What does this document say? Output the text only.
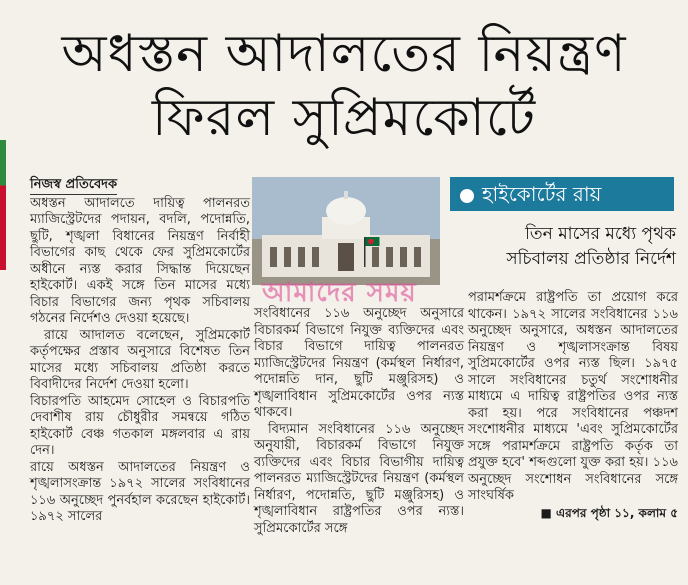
অধস্তন আদালতের নিয়ন্ত্রণ
ফিরল সুপ্রিমকোর্টে
নিজস্ব প্রতিবেদক

অধস্তন আদালতে দায়িত্ব পালনরত ম্যাজিস্ট্রেটদের পদায়ন, বদলি, পদোন্নতি, ছুটি, শৃঙ্খলা বিধানের নিয়ন্ত্রণ নির্বাহী বিভাগের কাছ থেকে ফের সুপ্রিমকোর্টের অধীনে ন্যস্ত করার সিদ্ধান্ত দিয়েছেন হাইকোর্ট। একই সঙ্গে তিন মাসের মধ্যে বিচার বিভাগের জন্য পৃথক সচিবালয় গঠনের নির্দেশও দেওয়া হয়েছে।

রায়ে আদালত বলেছেন, সুপ্রিমকোর্ট কর্তৃপক্ষের প্রস্তাব অনুসারে বিশেষত তিন মাসের মধ্যে সচিবালয় প্রতিষ্ঠা করতে বিবাদীদের নির্দেশ দেওয়া হলো।

বিচারপতি আহমেদ সোহেল ও বিচারপতি দেবাশীষ রায় চৌধুরীর সমন্বয়ে গঠিত হাইকোর্ট বেঞ্চ গতকাল মঙ্গলবার এ রায় দেন।

রায়ে অধস্তন আদালতের নিয়ন্ত্রণ ও শৃঙ্খলাসংক্রান্ত ১৯৭২ সালের সংবিধানের ১১৬ অনুচ্ছেদ পুনর্বহাল করেছেন হাইকোর্ট। ১৯৭২ সালের

আমাদের সময়
হাইকোর্টের রায়
তিন মাসের মধ্যে পৃথক
সচিবালয় প্রতিষ্ঠার নির্দেশ

সংবিধানের ১১৬ অনুচ্ছেদ অনুসারে বিচারকর্ম বিভাগে নিযুক্ত ব্যক্তিদের এবং বিচার বিভাগে দায়িত্ব পালনরত ম্যাজিস্ট্রেটদের নিয়ন্ত্রণ (কর্মস্থল নির্ধারণ, পদোন্নতি দান, ছুটি মঞ্জুরিসহ) ও শৃঙ্খলাবিধান সুপ্রিমকোর্টের ওপর ন্যস্ত থাকবে।

বিদ্যমান সংবিধানের ১১৬ অনুচ্ছেদ অনুযায়ী, বিচারকর্ম বিভাগে নিযুক্ত ব্যক্তিদের এবং বিচার বিভাগীয় দায়িত্ব পালনরত ম্যাজিস্ট্রেটদের নিয়ন্ত্রণ (কর্মস্থল নির্ধারণ, পদোন্নতি, ছুটি মঞ্জুরিসহ) ও শৃঙ্খলাবিধান রাষ্ট্রপতির ওপর ন্যস্ত। সুপ্রিমকোর্টের সঙ্গে

পরামর্শক্রমে রাষ্ট্রপতি তা প্রয়োগ করে থাকেন। ১৯৭২ সালের সংবিধানের ১১৬ অনুচ্ছেদ অনুসারে, অধস্তন আদালতের নিয়ন্ত্রণ ও শৃঙ্খলাসংক্রান্ত বিষয় সুপ্রিমকোর্টের ওপর ন্যস্ত ছিল। ১৯৭৫ সালে সংবিধানের চতুর্থ সংশোধনীর মাধ্যমে এ দায়িত্ব রাষ্ট্রপতির ওপর ন্যস্ত করা হয়। পরে সংবিধানের পঞ্চদশ সংশোধনীর মাধ্যমে 'এবং সুপ্রিমকোর্টের সঙ্গে পরামর্শক্রমে রাষ্ট্রপতি কর্তৃক তা প্রযুক্ত হবে' শব্দগুলো যুক্ত করা হয়। ১১৬ অনুচ্ছেদ সংশোধন সংবিধানের সঙ্গে সাংঘর্ষিক

■ এরপর পৃষ্ঠা ১১, কলাম ৫
